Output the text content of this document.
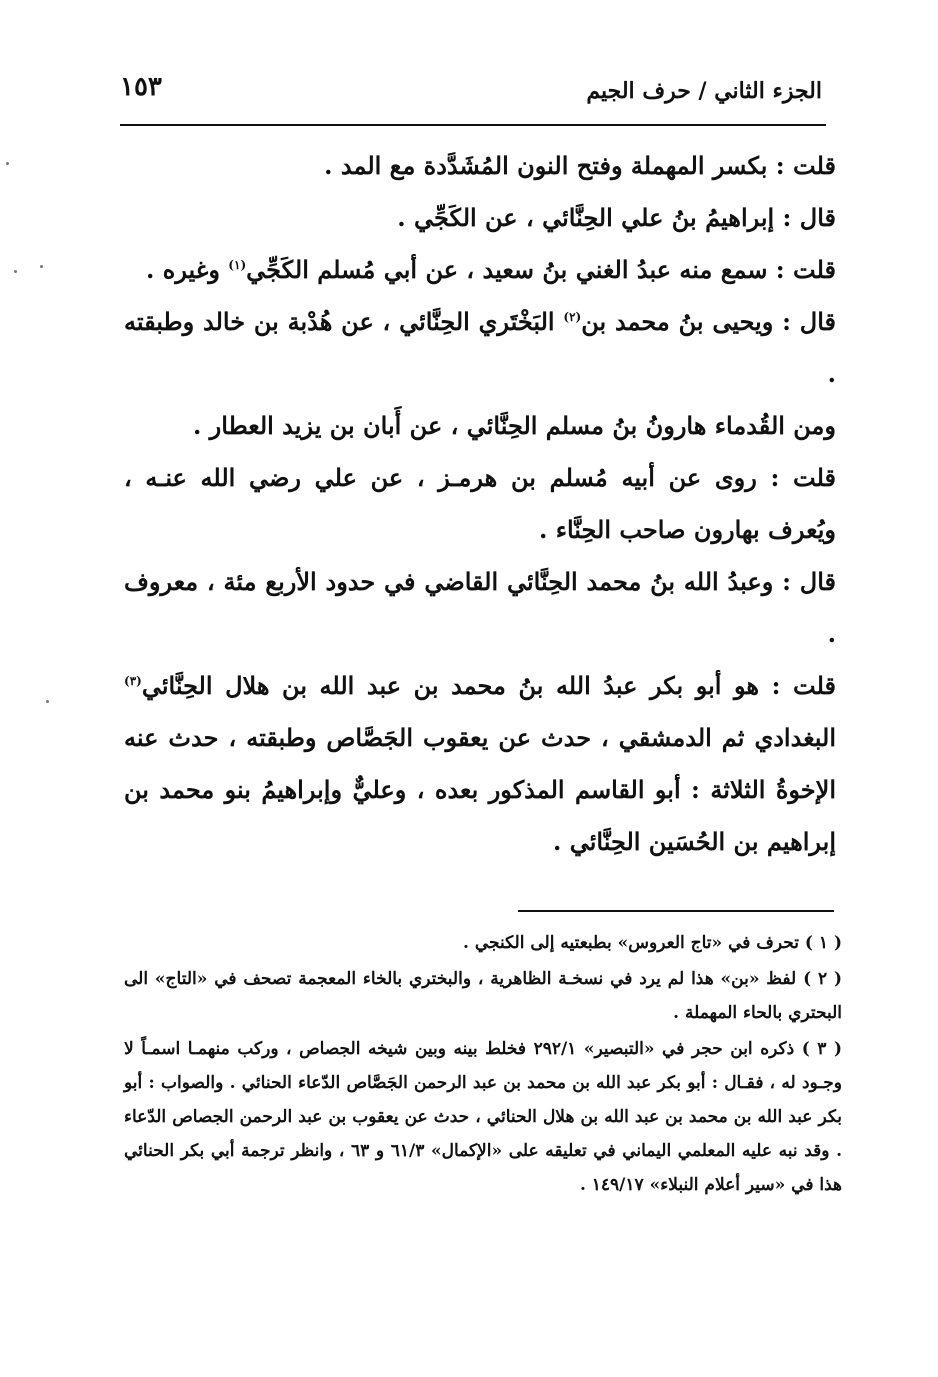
الجزء الثاني / حرف الجيم
١٥٣

قلت : بكسر المهملة وفتح النون المُشَدَّدة مع المد .

قال : إبراهيمُ بنُ علي الحِنَّائي ، عن الكَجِّي .

قلت : سمع منه عبدُ الغني بنُ سعيد ، عن أبي مُسلم الكَجِّي$^{(١)}$ وغيره .

قال : ويحيى بنُ محمد بن$^{(٢)}$ البَخْتَري الحِنَّائي ، عن هُدْبة بن خالد وطبقته .

ومن القُدماء هارونُ بنُ مسلم الحِنَّائي ، عن أَبان بن يزيد العطار .

قلت : روى عن أبيه مُسلم بن هرمـز ، عن علي رضي الله عنـه ، ويُعرف بهارون صاحب الحِنَّاء .

قال : وعبدُ الله بنُ محمد الحِنَّائي القاضي في حدود الأربع مئة ، معروف .

قلت : هو أبو بكر عبدُ الله بنُ محمد بن عبد الله بن هلال الحِنَّائي$^{(٣)}$ البغدادي ثم الدمشقي ، حدث عن يعقوب الجَصَّاص وطبقته ، حدث عنه الإخوةُ الثلاثة : أبو القاسم المذكور بعده ، وعليٌّ وإبراهيمُ بنو محمد بن إبراهيم بن الحُسَين الحِنَّائي .

( ١ ) تحرف في «تاج العروس» بطبعتيه إلى الكنجي .

( ٢ ) لفظ «بن» هذا لم يرد في نسخـة الظاهرية ، والبختري بالخاء المعجمة تصحف في «التاج» الى البحتري بالحاء المهملة .

( ٣ ) ذكره ابن حجر في «التبصير» ٢٩٢/١ فخلط بينه وبين شيخه الجصاص ، وركب منهمـا اسمـاً لا وجـود له ، فقـال : أبو بكر عبد الله بن محمد بن عبد الرحمن الجَصَّاص الدّعاء الحنائي . والصواب : أبو بكر عبد الله بن محمد بن عبد الله بن هلال الحنائي ، حدث عن يعقوب بن عبد الرحمن الجصاص الدّعاء . وقد نبه عليه المعلمي اليماني في تعليقه على «الإكمال» ٦١/٣ و ٦٣ ، وانظر ترجمة أبي بكر الحنائي هذا في «سير أعلام النبلاء» ١٤٩/١٧ .
